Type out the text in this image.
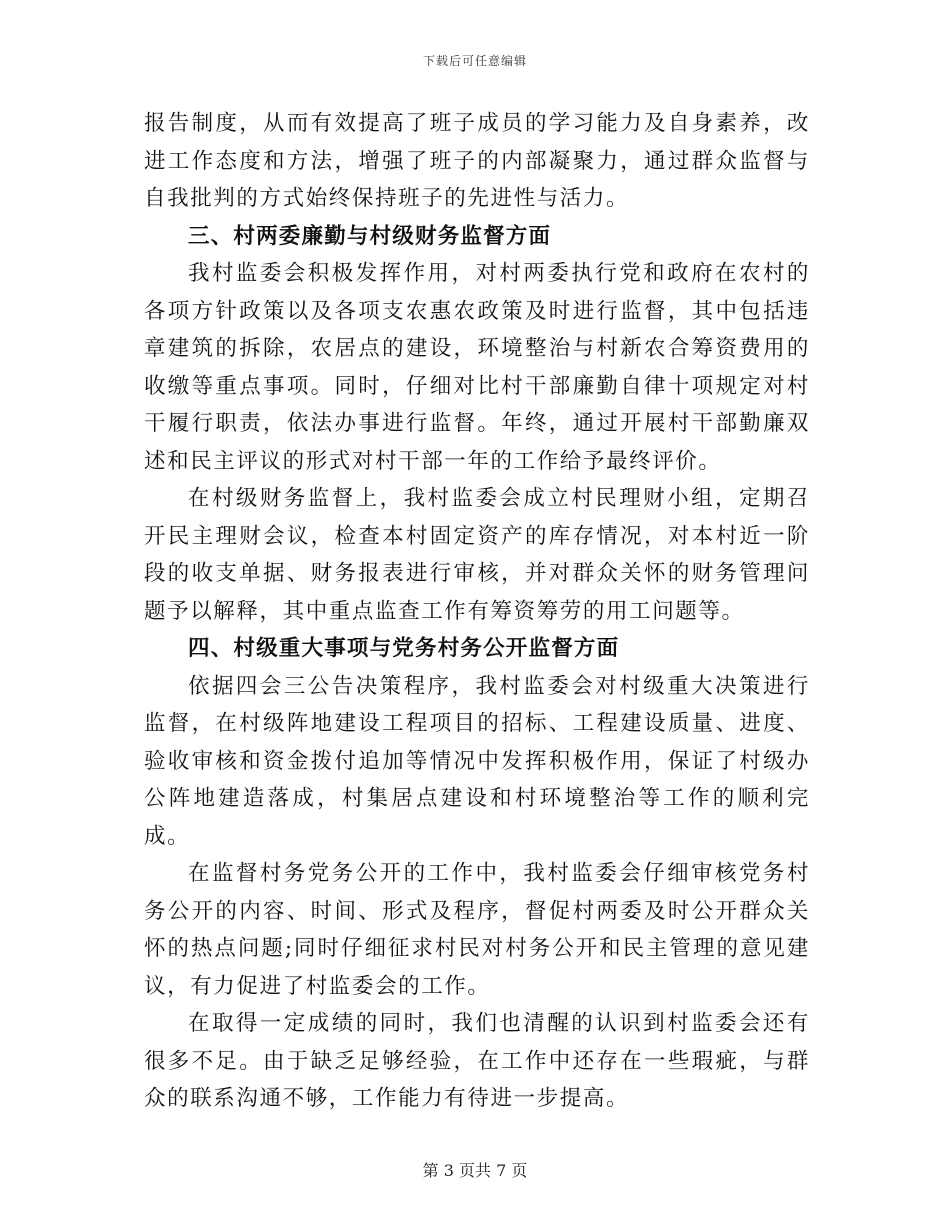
下载后可任意编辑

报告制度，从而有效提高了班子成员的学习能力及自身素养，改进工作态度和方法，增强了班子的内部凝聚力，通过群众监督与自我批判的方式始终保持班子的先进性与活力。

三、村两委廉勤与村级财务监督方面

我村监委会积极发挥作用，对村两委执行党和政府在农村的各项方针政策以及各项支农惠农政策及时进行监督，其中包括违章建筑的拆除，农居点的建设，环境整治与村新农合筹资费用的收缴等重点事项。同时，仔细对比村干部廉勤自律十项规定对村干履行职责，依法办事进行监督。年终，通过开展村干部勤廉双述和民主评议的形式对村干部一年的工作给予最终评价。

在村级财务监督上，我村监委会成立村民理财小组，定期召开民主理财会议，检查本村固定资产的库存情况，对本村近一阶段的收支单据、财务报表进行审核，并对群众关怀的财务管理问题予以解释，其中重点监查工作有筹资筹劳的用工问题等。

四、村级重大事项与党务村务公开监督方面

依据四会三公告决策程序，我村监委会对村级重大决策进行监督，在村级阵地建设工程项目的招标、工程建设质量、进度、验收审核和资金拨付追加等情况中发挥积极作用，保证了村级办公阵地建造落成，村集居点建设和村环境整治等工作的顺利完成。

在监督村务党务公开的工作中，我村监委会仔细审核党务村务公开的内容、时间、形式及程序，督促村两委及时公开群众关怀的热点问题;同时仔细征求村民对村务公开和民主管理的意见建议，有力促进了村监委会的工作。

在取得一定成绩的同时，我们也清醒的认识到村监委会还有很多不足。由于缺乏足够经验，在工作中还存在一些瑕疵，与群众的联系沟通不够，工作能力有待进一步提高。

第 3 页共 7 页
